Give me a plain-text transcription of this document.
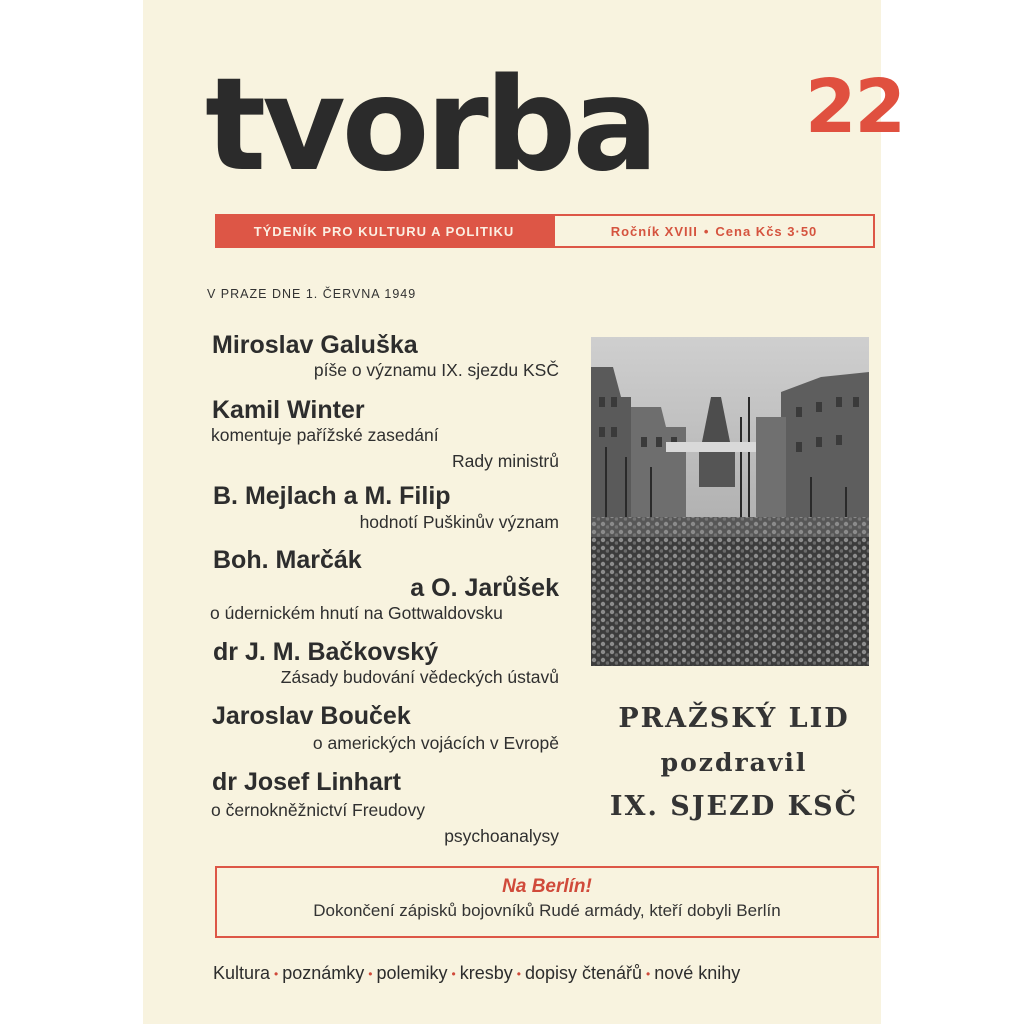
tvorba 22
TÝDENÍK PRO KULTURU A POLITIKU	Ročník XVIII • Cena Kčs 3·50
V PRAZE DNE 1. ČERVNA 1949
Miroslav Galuška
píše o významu IX. sjezdu KSČ
Kamil Winter
komentuje pařížské zasedání
Rady ministrů
B. Mejlach a M. Filip
hodnotí Puškinův význam
Boh. Marčák
a O. Jarůšek
o údernickém hnutí na Gottwaldovsku
dr J. M. Bačkovský
Zásady budování vědeckých ústavů
Jaroslav Bouček
o amerických vojácích v Evropě
dr Josef Linhart
o černokněžnictví Freudovy
psychoanalysy
PRAŽSKÝ LID
pozdravil
IX. SJEZD KSČ
Na Berlín!
Dokončení zápisků bojovníků Rudé armády, kteří dobyli Berlín
Kultura • poznámky • polemiky • kresby • dopisy čtenářů • nové knihy
